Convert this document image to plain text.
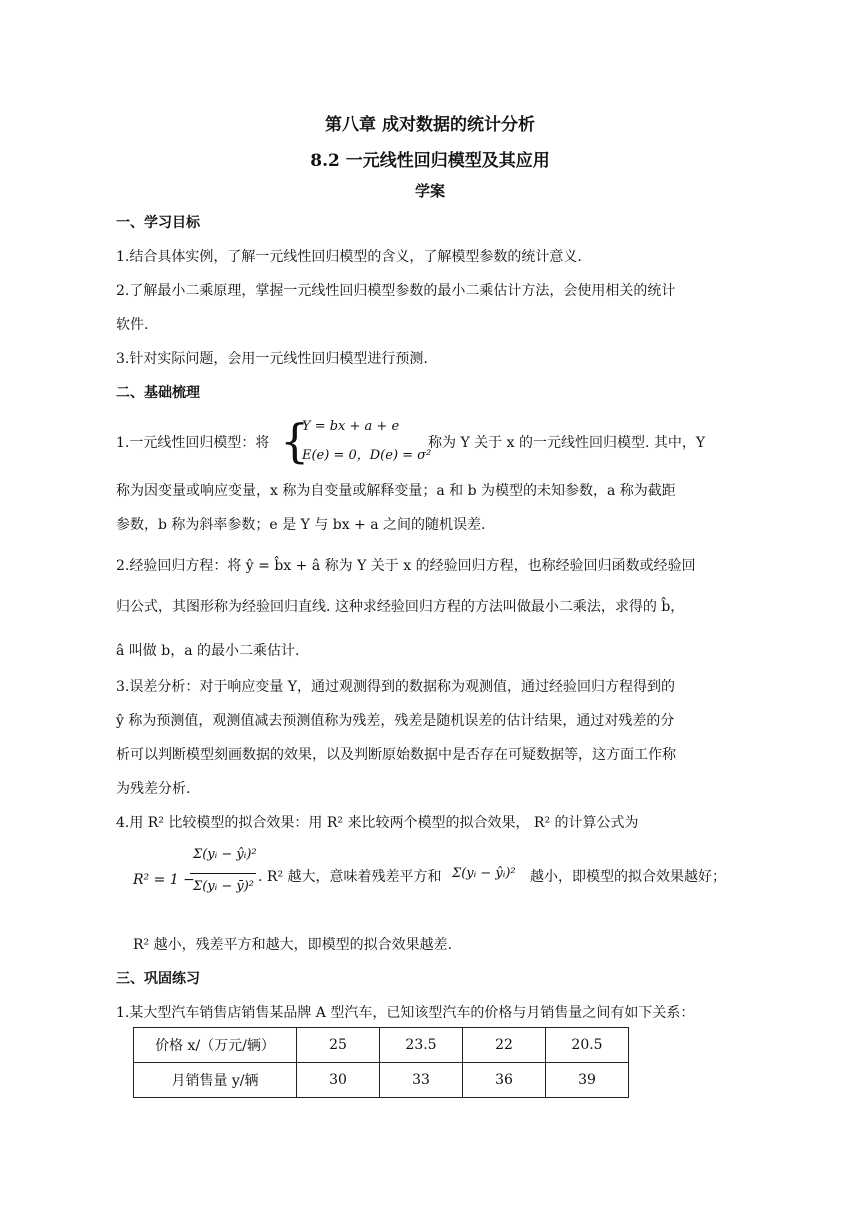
第八章 成对数据的统计分析
8.2 一元线性回归模型及其应用
学案
一、学习目标
1.结合具体实例，了解一元线性回归模型的含义，了解模型参数的统计意义.
2.了解最小二乘原理，掌握一元线性回归模型参数的最小二乘估计方法，会使用相关的统计
软件.
3.针对实际问题，会用一元线性回归模型进行预测.
二、基础梳理
1.一元线性回归模型：将 {
Y = bx + a + e
E(e) = 0，D(e) = σ²
称为 Y 关于 x 的一元线性回归模型. 其中，Y
称为因变量或响应变量，x 称为自变量或解释变量；a 和 b 为模型的未知参数，a 称为截距
参数，b 称为斜率参数；e 是 Y 与 bx + a 之间的随机误差.
2.经验回归方程：将 ŷ = b̂x + â 称为 Y 关于 x 的经验回归方程，也称经验回归函数或经验回
归公式，其图形称为经验回归直线. 这种求经验回归方程的方法叫做最小二乘法，求得的 b̂，
â 叫做 b，a 的最小二乘估计.
3.误差分析：对于响应变量 Y，通过观测得到的数据称为观测值，通过经验回归方程得到的
ŷ 称为预测值，观测值减去预测值称为残差，残差是随机误差的估计结果，通过对残差的分
析可以判断模型刻画数据的效果，以及判断原始数据中是否存在可疑数据等，这方面工作称
为残差分析.
4.用 R² 比较模型的拟合效果：用 R² 来比较两个模型的拟合效果， R² 的计算公式为
R² = 1 −
Σ(yᵢ − ŷᵢ)²
Σ(yᵢ − ȳ)²
. R² 越大，意味着残差平方和 Σ(yᵢ − ŷᵢ)² 越小，即模型的拟合效果越好；
R² 越小，残差平方和越大，即模型的拟合效果越差.
三、巩固练习
1.某大型汽车销售店销售某品牌 A 型汽车，已知该型汽车的价格与月销售量之间有如下关系：
价格 x/（万元/辆）	25	23.5	22	20.5
月销售量 y/辆	30	33	36	39
